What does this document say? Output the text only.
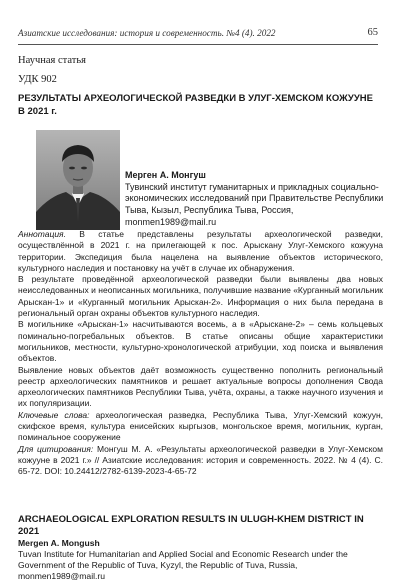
Азиатские исследования: история и современность. №4 (4). 2022	65
Научная статья
УДК 902
РЕЗУЛЬТАТЫ АРХЕОЛОГИЧЕСКОЙ РАЗВЕДКИ В УЛУГ-ХЕМСКОМ КОЖУУНЕ В 2021 г.
Мерген А. Монгуш
Тувинский институт гуманитарных и прикладных социально-экономических исследований при Правительстве Республики Тыва, Кызыл, Республика Тыва, Россия, monmen1989@mail.ru

Аннотация. В статье представлены результаты археологической разведки, осуществлённой в 2021 г. на прилегающей к пос. Арыскану Улуг-Хемского кожууна территории. Экспедиция была нацелена на выявление объектов исторического, культурного наследия и постановку на учёт в случае их обнаружения.

В результате проведённой археологической разведки были выявлены два новых неисследованных и неописанных могильника, получившие название «Курганный могильник Арыскан-1» и «Курганный могильник Арыскан-2». Информация о них была передана в региональный орган охраны объектов культурного наследия.

В могильнике «Арыскан-1» насчитываются восемь, а в «Арыскане-2» – семь кольцевых поминально-погребальных объектов. В статье описаны общие характеристики могильников, местности, культурно-хронологической атрибуции, ход поиска и выявления объектов.

Выявление новых объектов даёт возможность существенно пополнить региональный реестр археологических памятников и решает актуальные вопросы дополнения Свода археологических памятников Республики Тыва, учёта, охраны, а также научного изучения и их популяризации.

Ключевые слова: археологическая разведка, Республика Тыва, Улуг-Хемский кожуун, скифское время, культура енисейских кыргызов, монгольское время, могильник, курган, поминальное сооружение

Для цитирования: Монгуш М. А. «Результаты археологической разведки в Улуг-Хемском кожууне в 2021 г.» // Азиатские исследования: история и современность. 2022. № 4 (4). С. 65-72. DOI: 10.24412/2782-6139-2023-4-65-72

ARCHAEOLOGICAL EXPLORATION RESULTS IN ULUGH-KHEM DISTRICT IN 2021
Mergen A. Mongush
Tuvan Institute for Humanitarian and Applied Social and Economic Research under the Government of the Republic of Tuva, Kyzyl, the Republic of Tuva, Russia, monmen1989@mail.ru
